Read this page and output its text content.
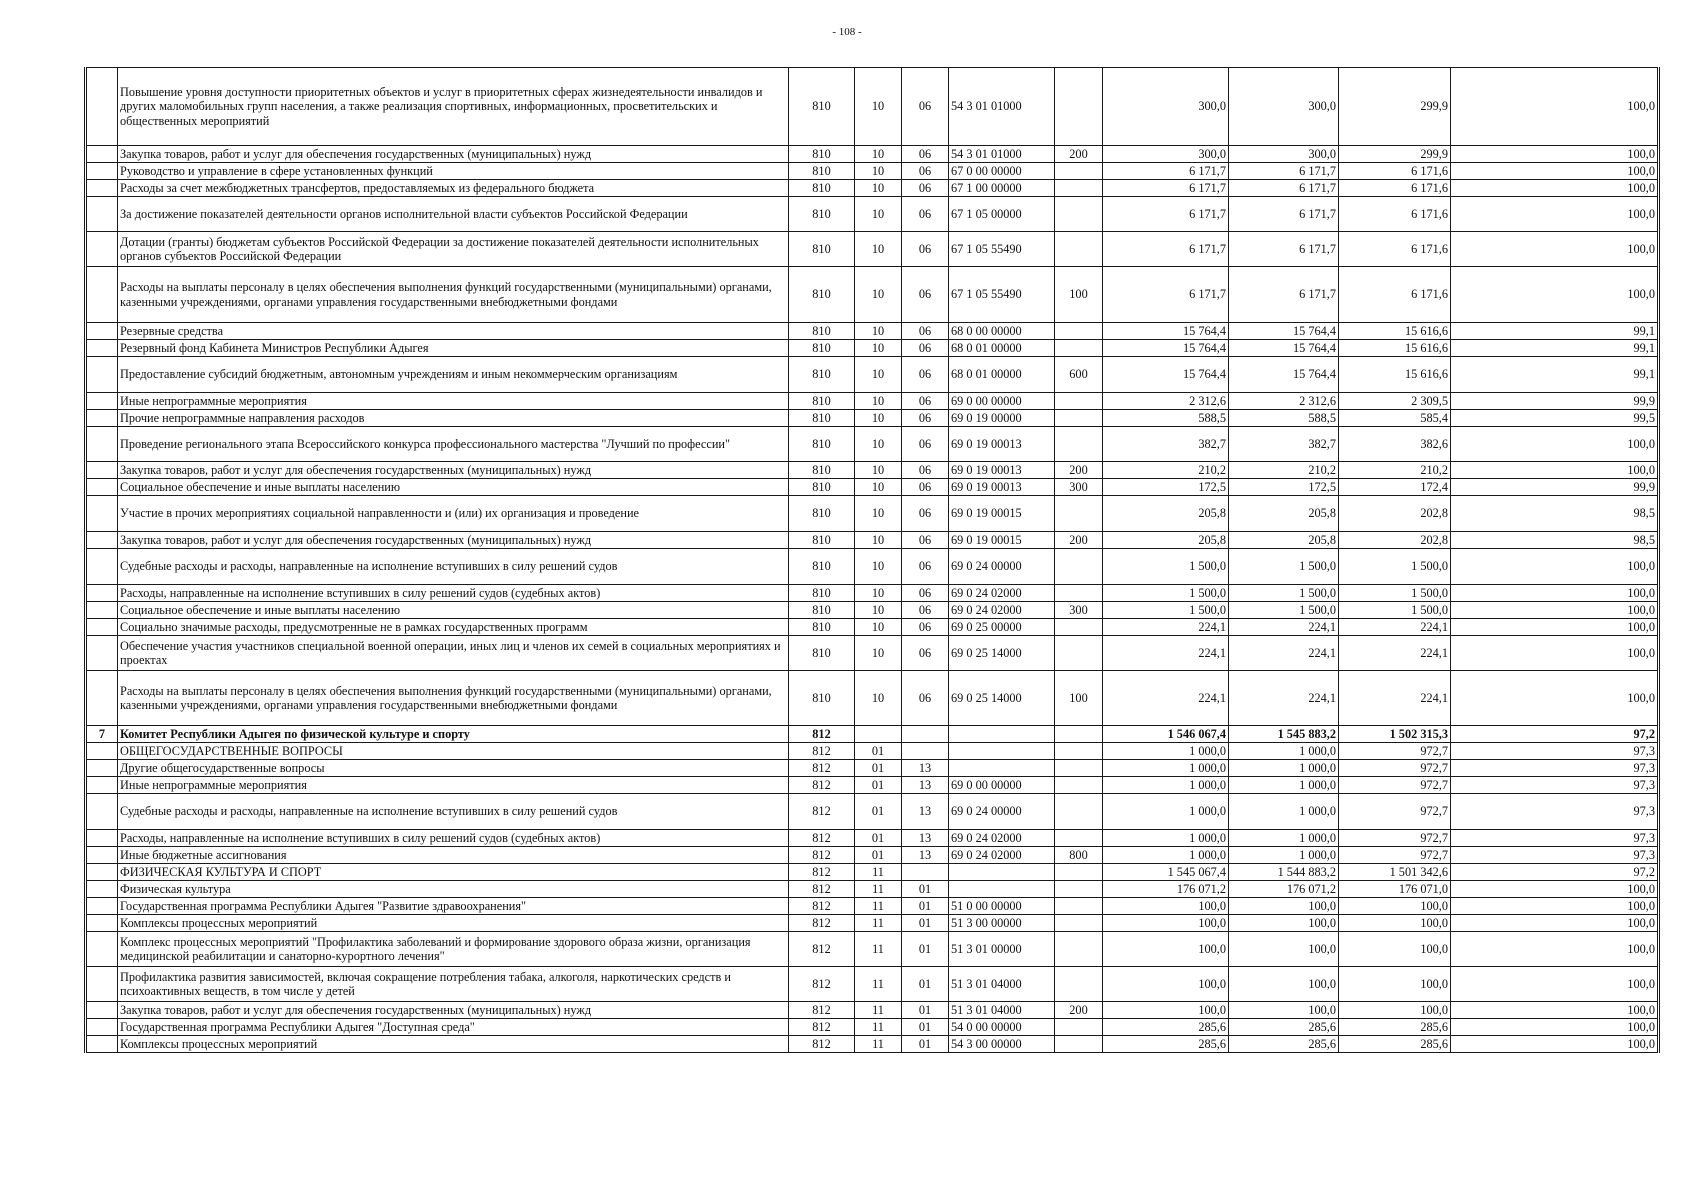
- 108 -
	Повышение уровня доступности приоритетных объектов и услуг в приоритетных сферах жизнедеятельности инвалидов и других маломобильных групп населения, а также реализация спортивных, информационных, просветительских и общественных мероприятий	810	10	06	54 3 01 01000		300,0	300,0	299,9	100,0
	Закупка товаров, работ и услуг для обеспечения государственных (муниципальных) нужд	810	10	06	54 3 01 01000	200	300,0	300,0	299,9	100,0
	Руководство и управление в сфере установленных функций	810	10	06	67 0 00 00000		6 171,7	6 171,7	6 171,6	100,0
	Расходы за счет межбюджетных трансфертов, предоставляемых из федерального бюджета	810	10	06	67 1 00 00000		6 171,7	6 171,7	6 171,6	100,0
	За достижение показателей деятельности органов исполнительной власти субъектов Российской Федерации	810	10	06	67 1 05 00000		6 171,7	6 171,7	6 171,6	100,0
	Дотации (гранты) бюджетам субъектов Российской Федерации за достижение показателей деятельности исполнительных органов субъектов Российской Федерации	810	10	06	67 1 05 55490		6 171,7	6 171,7	6 171,6	100,0
	Расходы на выплаты персоналу в целях обеспечения выполнения функций государственными (муниципальными) органами, казенными учреждениями, органами управления государственными внебюджетными фондами	810	10	06	67 1 05 55490	100	6 171,7	6 171,7	6 171,6	100,0
	Резервные средства	810	10	06	68 0 00 00000		15 764,4	15 764,4	15 616,6	99,1
	Резервный фонд Кабинета Министров Республики Адыгея	810	10	06	68 0 01 00000		15 764,4	15 764,4	15 616,6	99,1
	Предоставление субсидий бюджетным, автономным учреждениям и иным некоммерческим организациям	810	10	06	68 0 01 00000	600	15 764,4	15 764,4	15 616,6	99,1
	Иные непрограммные мероприятия	810	10	06	69 0 00 00000		2 312,6	2 312,6	2 309,5	99,9
	Прочие непрограммные направления расходов	810	10	06	69 0 19 00000		588,5	588,5	585,4	99,5
	Проведение регионального этапа Всероссийского конкурса профессионального мастерства "Лучший по профессии"	810	10	06	69 0 19 00013		382,7	382,7	382,6	100,0
	Закупка товаров, работ и услуг для обеспечения государственных (муниципальных) нужд	810	10	06	69 0 19 00013	200	210,2	210,2	210,2	100,0
	Социальное обеспечение и иные выплаты населению	810	10	06	69 0 19 00013	300	172,5	172,5	172,4	99,9
	Участие в прочих мероприятиях социальной направленности и (или) их организация и проведение	810	10	06	69 0 19 00015		205,8	205,8	202,8	98,5
	Закупка товаров, работ и услуг для обеспечения государственных (муниципальных) нужд	810	10	06	69 0 19 00015	200	205,8	205,8	202,8	98,5
	Судебные расходы и расходы, направленные на исполнение вступивших в силу решений судов	810	10	06	69 0 24 00000		1 500,0	1 500,0	1 500,0	100,0
	Расходы, направленные на исполнение вступивших в силу решений судов (судебных актов)	810	10	06	69 0 24 02000		1 500,0	1 500,0	1 500,0	100,0
	Социальное обеспечение и иные выплаты населению	810	10	06	69 0 24 02000	300	1 500,0	1 500,0	1 500,0	100,0
	Социально значимые расходы, предусмотренные не в рамках государственных программ	810	10	06	69 0 25 00000		224,1	224,1	224,1	100,0
	Обеспечение участия участников специальной военной операции, иных лиц и членов их семей в социальных мероприятиях и проектах	810	10	06	69 0 25 14000		224,1	224,1	224,1	100,0
	Расходы на выплаты персоналу в целях обеспечения выполнения функций государственными (муниципальными) органами, казенными учреждениями, органами управления государственными внебюджетными фондами	810	10	06	69 0 25 14000	100	224,1	224,1	224,1	100,0
7	Комитет Республики Адыгея по физической культуре и спорту	812					1 546 067,4	1 545 883,2	1 502 315,3	97,2
	ОБЩЕГОСУДАРСТВЕННЫЕ ВОПРОСЫ	812	01				1 000,0	1 000,0	972,7	97,3
	Другие общегосударственные вопросы	812	01	13			1 000,0	1 000,0	972,7	97,3
	Иные непрограммные мероприятия	812	01	13	69 0 00 00000		1 000,0	1 000,0	972,7	97,3
	Судебные расходы и расходы, направленные на исполнение вступивших в силу решений судов	812	01	13	69 0 24 00000		1 000,0	1 000,0	972,7	97,3
	Расходы, направленные на исполнение вступивших в силу решений судов (судебных актов)	812	01	13	69 0 24 02000		1 000,0	1 000,0	972,7	97,3
	Иные бюджетные ассигнования	812	01	13	69 0 24 02000	800	1 000,0	1 000,0	972,7	97,3
	ФИЗИЧЕСКАЯ КУЛЬТУРА И СПОРТ	812	11				1 545 067,4	1 544 883,2	1 501 342,6	97,2
	Физическая культура	812	11	01			176 071,2	176 071,2	176 071,0	100,0
	Государственная программа Республики Адыгея "Развитие здравоохранения"	812	11	01	51 0 00 00000		100,0	100,0	100,0	100,0
	Комплексы процессных мероприятий	812	11	01	51 3 00 00000		100,0	100,0	100,0	100,0
	Комплекс процессных мероприятий "Профилактика заболеваний и формирование здорового образа жизни, организация медицинской реабилитации и санаторно-курортного лечения"	812	11	01	51 3 01 00000		100,0	100,0	100,0	100,0
	Профилактика развития зависимостей, включая сокращение потребления табака, алкоголя, наркотических средств и психоактивных веществ, в том числе у детей	812	11	01	51 3 01 04000		100,0	100,0	100,0	100,0
	Закупка товаров, работ и услуг для обеспечения государственных (муниципальных) нужд	812	11	01	51 3 01 04000	200	100,0	100,0	100,0	100,0
	Государственная программа Республики Адыгея "Доступная среда"	812	11	01	54 0 00 00000		285,6	285,6	285,6	100,0
	Комплексы процессных мероприятий	812	11	01	54 3 00 00000		285,6	285,6	285,6	100,0
